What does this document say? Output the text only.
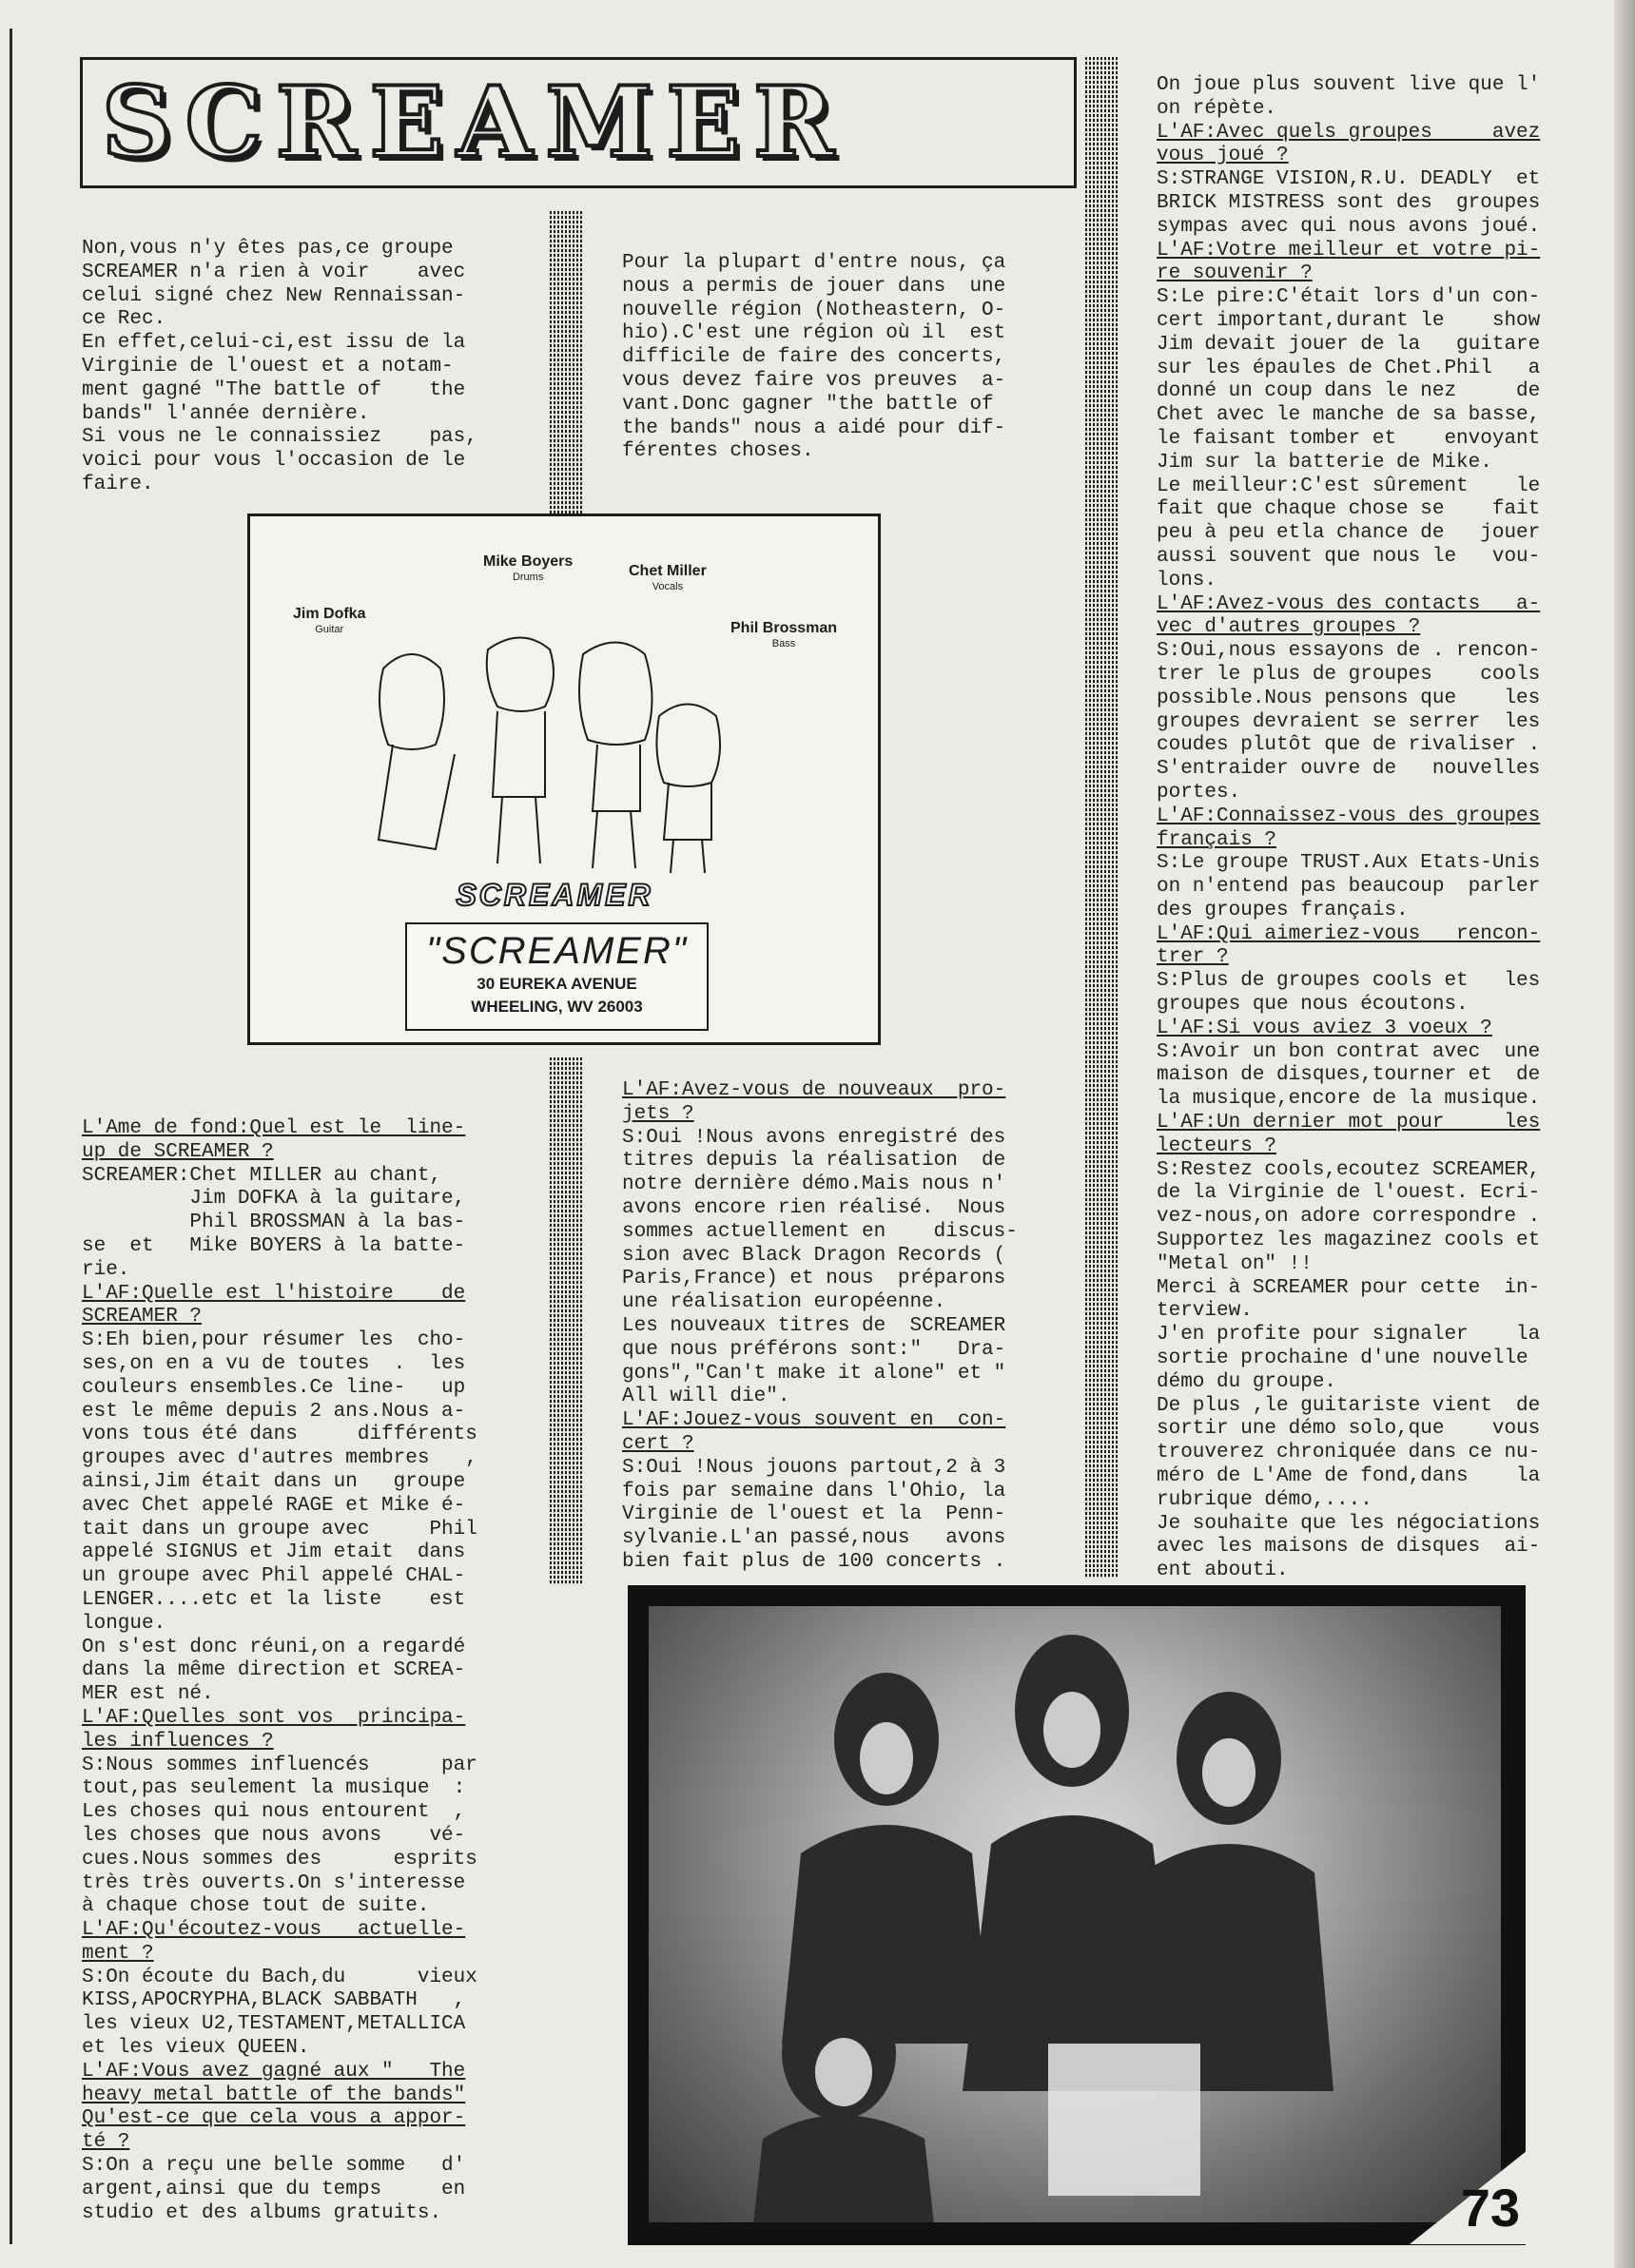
SCREAMER
Non,vous n'y êtes pas,ce groupe
SCREAMER n'a rien à voir    avec
celui signé chez New Rennaissan-
ce Rec.
En effet,celui-ci,est issu de la
Virginie de l'ouest et a notam-
ment gagné "The battle of    the
bands" l'année dernière.
Si vous ne le connaissiez    pas,
voici pour vous l'occasion de le
faire.
Pour la plupart d'entre nous, ça
nous a permis de jouer dans  une
nouvelle région (Notheastern, O-
hio).C'est une région où il  est
difficile de faire des concerts,
vous devez faire vos preuves  a-
vant.Donc gagner "the battle of
the bands" nous a aidé pour dif-
férentes choses.
Jim Dofka
Guitar
Mike Boyers
Drums	Chet Miller
Vocals
Phil Brossman
Bass
SCREAMER
"SCREAMER"
30 EUREKA AVENUE
WHEELING, WV 26003
L'Ame de fond:Quel est le  line-
up de SCREAMER ?
SCREAMER:Chet MILLER au chant,
Jim DOFKA à la guitare,
Phil BROSSMAN à la bas-
se  et   Mike BOYERS à la batte-
rie.
L'AF:Quelle est l'histoire    de
SCREAMER ?
S:Eh bien,pour résumer les  cho-
ses,on en a vu de toutes  .  les
couleurs ensembles.Ce line-   up
est le même depuis 2 ans.Nous a-
vons tous été dans     différents
groupes avec d'autres membres   ,
ainsi,Jim était dans un   groupe
avec Chet appelé RAGE et Mike é-
tait dans un groupe avec     Phil
appelé SIGNUS et Jim etait  dans
un groupe avec Phil appelé CHAL-
LENGER....etc et la liste    est
longue.
On s'est donc réuni,on a regardé
dans la même direction et SCREA-
MER est né.
L'AF:Quelles sont vos  principa-
les influences ?
S:Nous sommes influencés      par
tout,pas seulement la musique  :
Les choses qui nous entourent  ,
les choses que nous avons    vé-
cues.Nous sommes des      esprits
très très ouverts.On s'interesse
à chaque chose tout de suite.
L'AF:Qu'écoutez-vous   actuelle-
ment ?
S:On écoute du Bach,du      vieux
KISS,APOCRYPHA,BLACK SABBATH   ,
les vieux U2,TESTAMENT,METALLICA
et les vieux QUEEN.
L'AF:Vous avez gagné aux "   The
heavy metal battle of the bands"
Qu'est-ce que cela vous a appor-
té ?
S:On a reçu une belle somme   d'
argent,ainsi que du temps     en
studio et des albums gratuits.
L'AF:Avez-vous de nouveaux  pro-
jets ?
S:Oui !Nous avons enregistré des
titres depuis la réalisation  de
notre dernière démo.Mais nous n'
avons encore rien réalisé.  Nous
sommes actuellement en    discus-
sion avec Black Dragon Records (
Paris,France) et nous  préparons
une réalisation européenne.
Les nouveaux titres de  SCREAMER
que nous préférons sont:"   Dra-
gons","Can't make it alone" et "
All will die".
L'AF:Jouez-vous souvent en  con-
cert ?
S:Oui !Nous jouons partout,2 à 3
fois par semaine dans l'Ohio, la
Virginie de l'ouest et la  Penn-
sylvanie.L'an passé,nous   avons
bien fait plus de 100 concerts .
On joue plus souvent live que l'
on répète.
L'AF:Avec quels groupes     avez
vous joué ?
S:STRANGE VISION,R.U. DEADLY  et
BRICK MISTRESS sont des  groupes
sympas avec qui nous avons joué.
L'AF:Votre meilleur et votre pi-
re souvenir ?
S:Le pire:C'était lors d'un con-
cert important,durant le    show
Jim devait jouer de la   guitare
sur les épaules de Chet.Phil   a
donné un coup dans le nez     de
Chet avec le manche de sa basse,
le faisant tomber et    envoyant
Jim sur la batterie de Mike.
Le meilleur:C'est sûrement    le
fait que chaque chose se    fait
peu à peu etla chance de   jouer
aussi souvent que nous le   vou-
lons.
L'AF:Avez-vous des contacts   a-
vec d'autres groupes ?
S:Oui,nous essayons de . rencon-
trer le plus de groupes    cools
possible.Nous pensons que    les
groupes devraient se serrer  les
coudes plutôt que de rivaliser .
S'entraider ouvre de   nouvelles
portes.
L'AF:Connaissez-vous des groupes
français ?
S:Le groupe TRUST.Aux Etats-Unis
on n'entend pas beaucoup  parler
des groupes français.
L'AF:Qui aimeriez-vous   rencon-
trer ?
S:Plus de groupes cools et   les
groupes que nous écoutons.
L'AF:Si vous aviez 3 voeux ?
S:Avoir un bon contrat avec  une
maison de disques,tourner et  de
la musique,encore de la musique.
L'AF:Un dernier mot pour     les
lecteurs ?
S:Restez cools,ecoutez SCREAMER,
de la Virginie de l'ouest. Ecri-
vez-nous,on adore correspondre .
Supportez les magazinez cools et
"Metal on" !!

Merci à SCREAMER pour cette  in-
terview.
J'en profite pour signaler    la
sortie prochaine d'une nouvelle
démo du groupe.
De plus ,le guitariste vient  de
sortir une démo solo,que    vous
trouverez chroniquée dans ce nu-
méro de L'Ame de fond,dans    la
rubrique démo,....
Je souhaite que les négociations
avec les maisons de disques  ai-
ent abouti.
73
